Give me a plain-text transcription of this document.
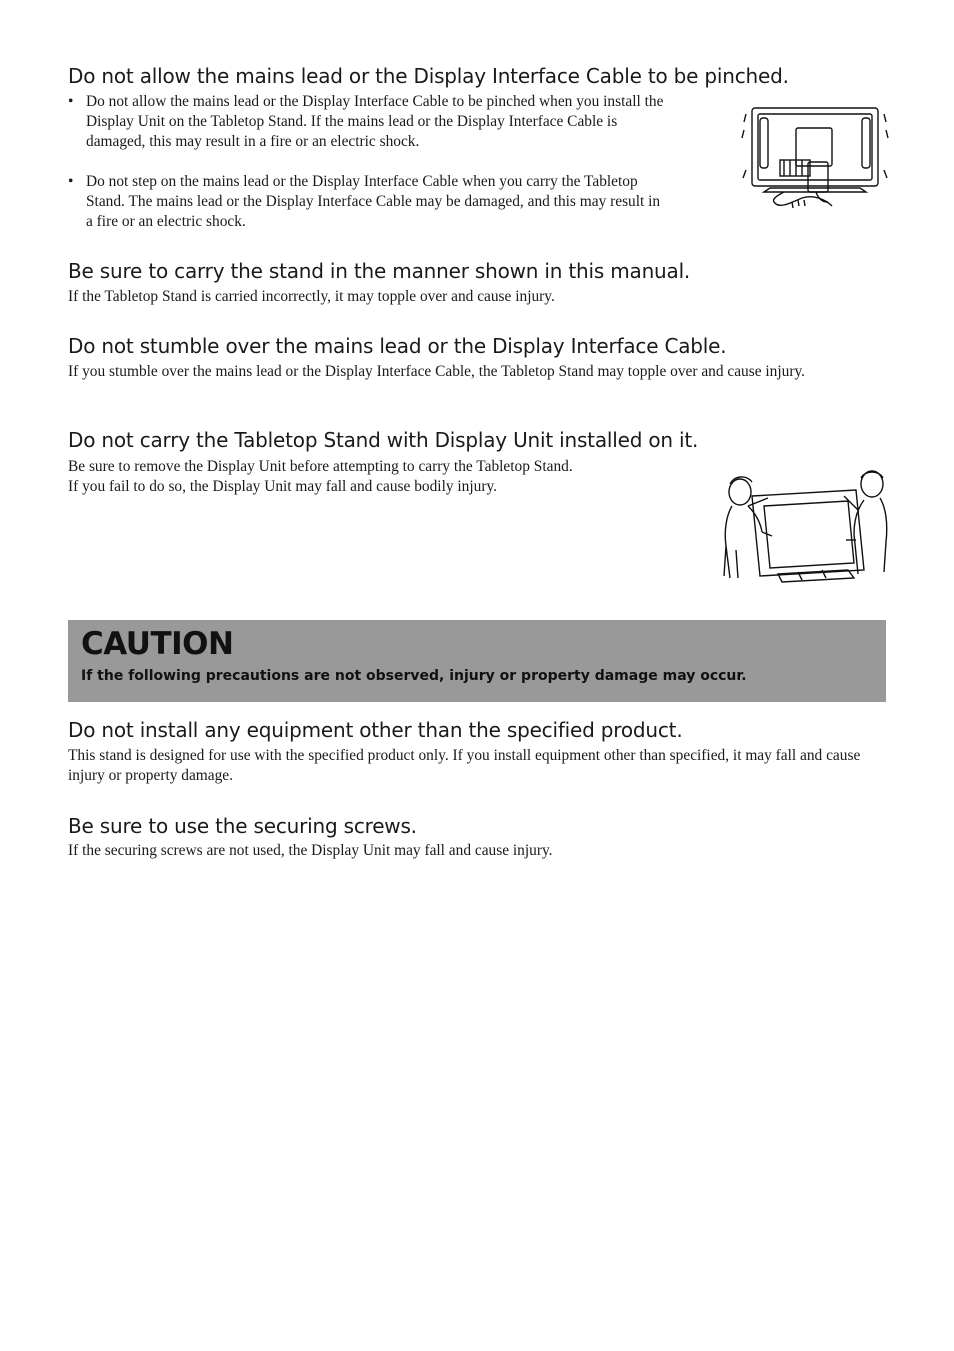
Do not allow the mains lead or the Display Interface Cable to be pinched.
• Do not allow the mains lead or the Display Interface Cable to be pinched when you install the Display Unit on the Tabletop Stand. If the mains lead or the Display Interface Cable is damaged, this may result in a fire or an electric shock.
• Do not step on the mains lead or the Display Interface Cable when you carry the Tabletop Stand. The mains lead or the Display Interface Cable may be damaged, and this may result in a fire or an electric shock.
Be sure to carry the stand in the manner shown in this manual.

If the Tabletop Stand is carried incorrectly, it may topple over and cause injury.

Do not stumble over the mains lead or the Display Interface Cable.

If you stumble over the mains lead or the Display Interface Cable, the Tabletop Stand may topple over and cause injury.

Do not carry the Tabletop Stand with Display Unit installed on it.

Be sure to remove the Display Unit before attempting to carry the Tabletop Stand.

If you fail to do so, the Display Unit may fall and cause bodily injury.

CAUTION
If the following precautions are not observed, injury or property damage may occur.
Do not install any equipment other than the specified product.

This stand is designed for use with the specified product only. If you install equipment other than specified, it may fall and cause injury or property damage.

Be sure to use the securing screws.

If the securing screws are not used, the Display Unit may fall and cause injury.
